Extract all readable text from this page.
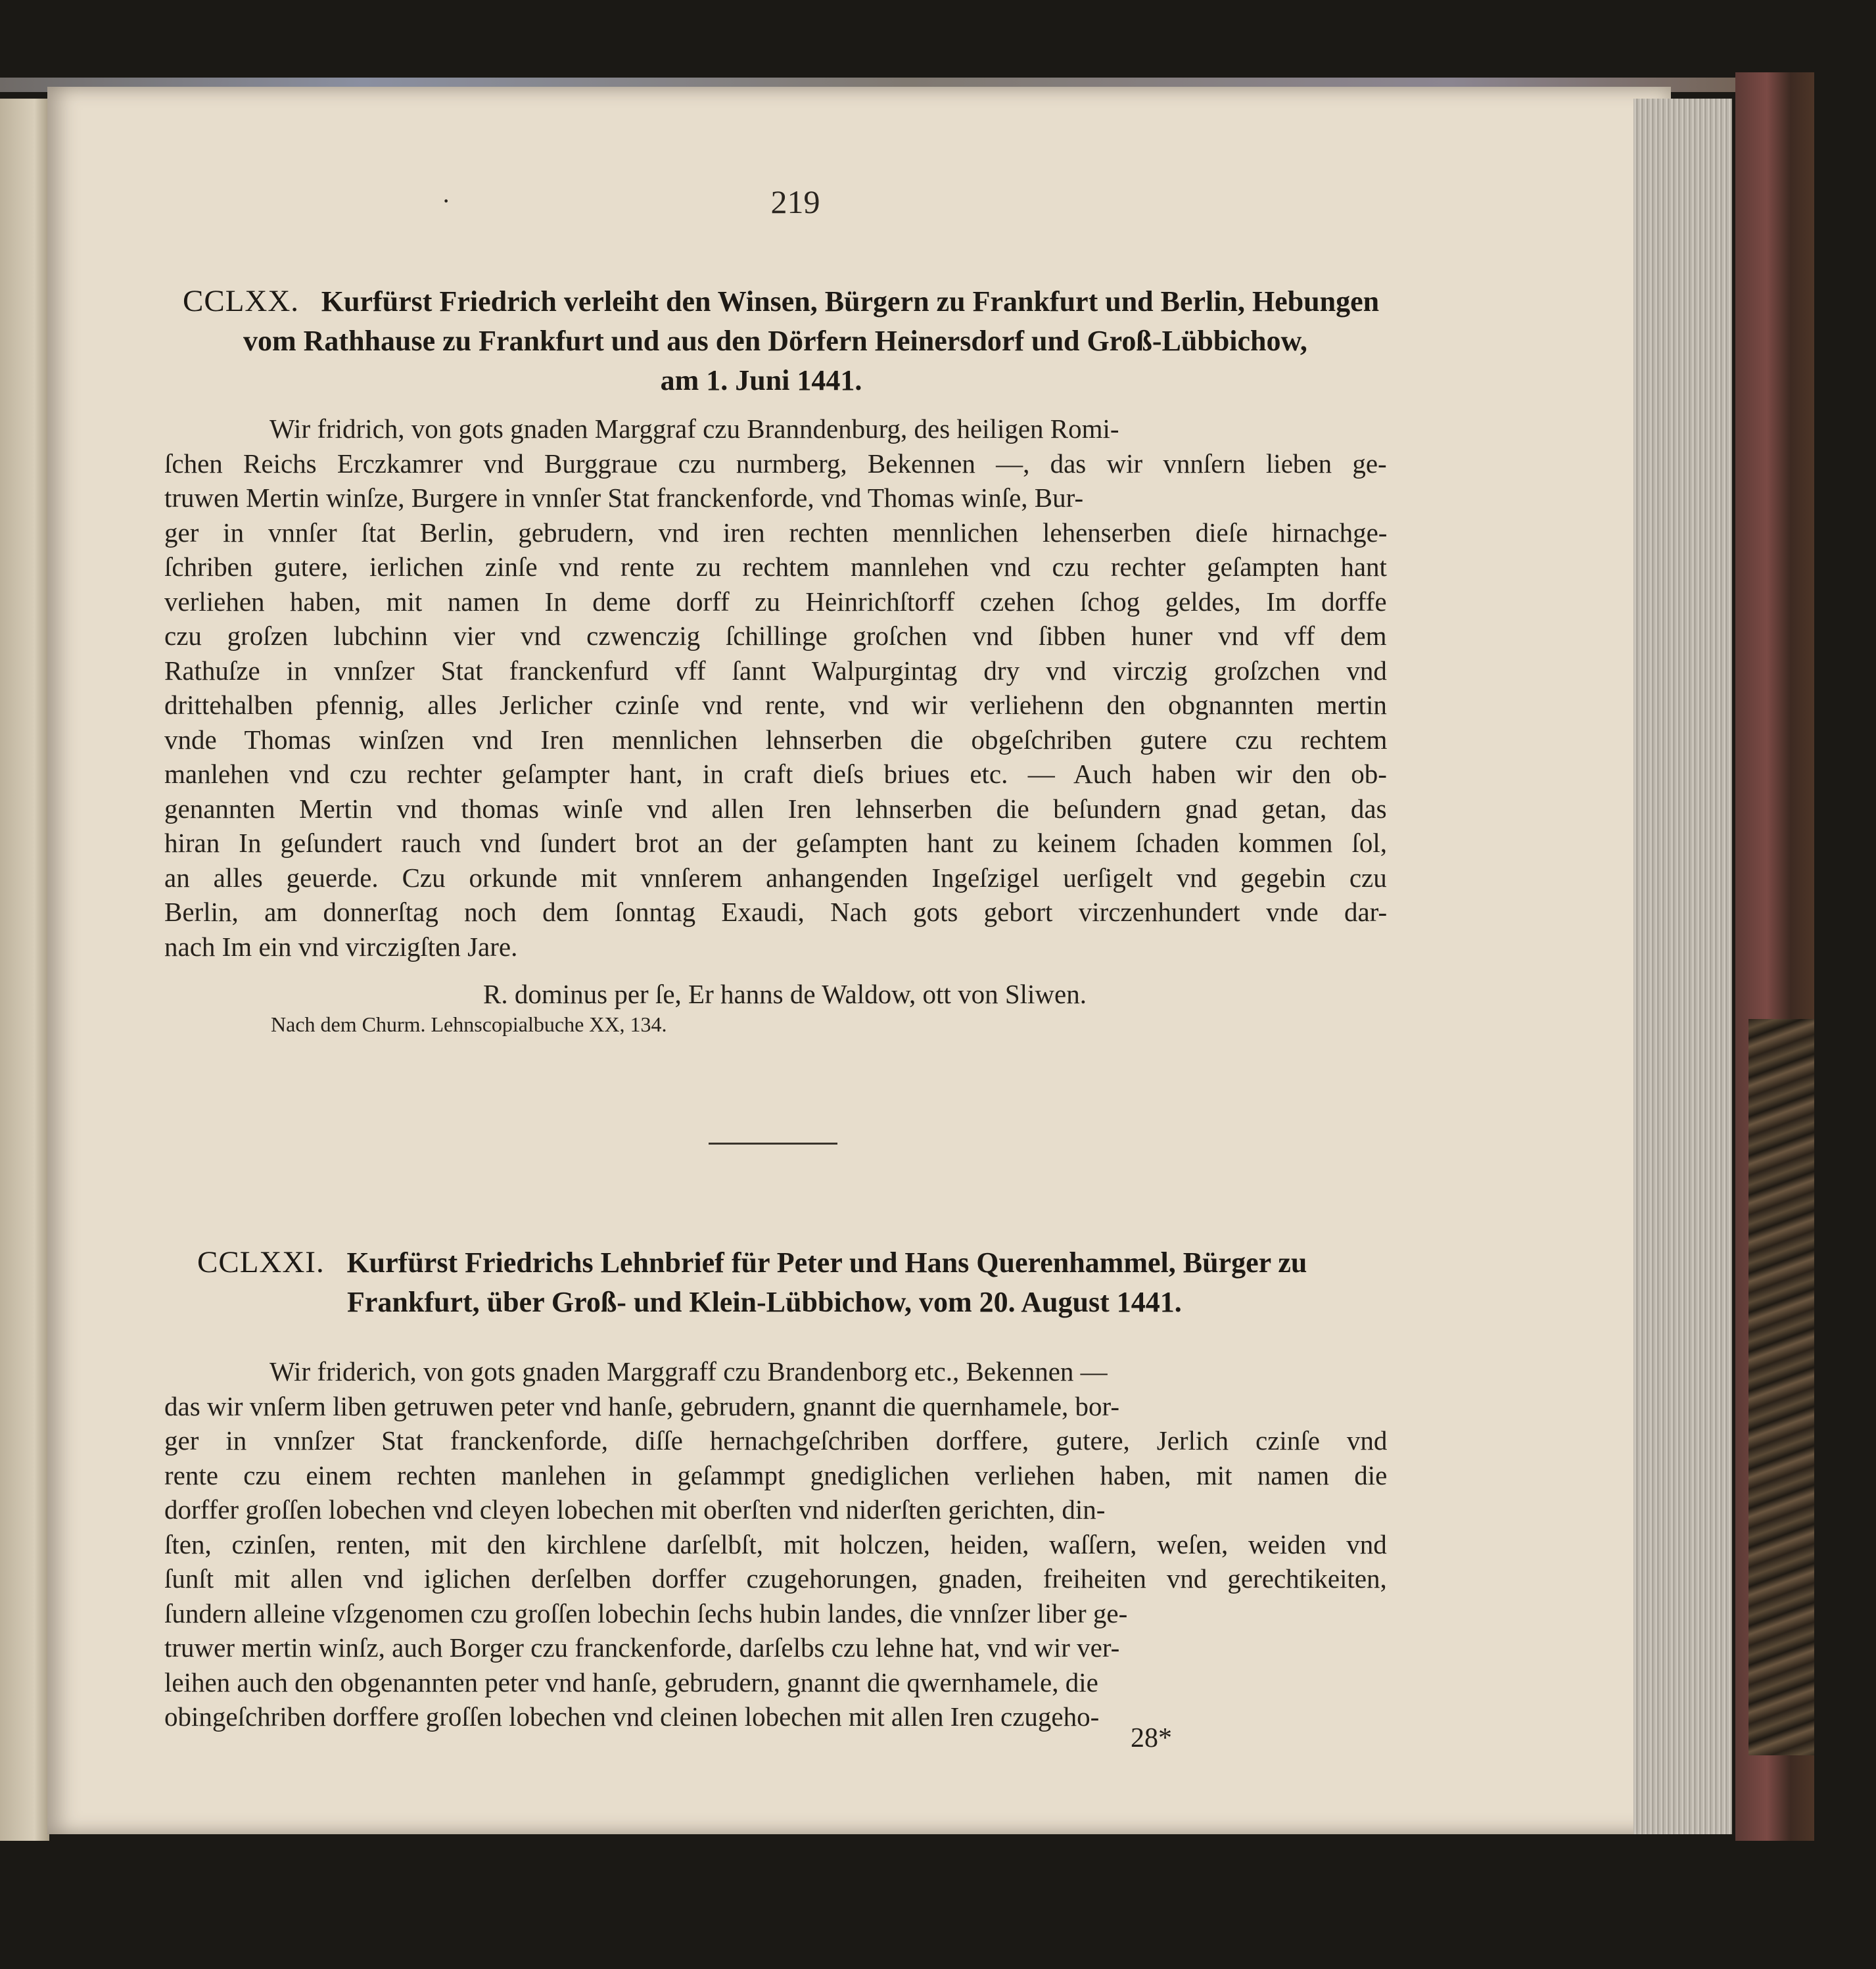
·	219
CCLXX. Kurfürst Friedrich verleiht den Winsen, Bürgern zu Frankfurt und Berlin, Hebungen
vom Rathhause zu Frankfurt und aus den Dörfern Heinersdorf und Groß-Lübbichow,
am 1. Juni 1441.
Wir fridrich, von gots gnaden Marggraf czu Branndenburg, des heiligen Romi-
ſchen Reichs Erczkamrer vnd Burggraue czu nurmberg, Bekennen —, das wir vnnſern lieben ge-
truwen Mertin winſze, Burgere in vnnſer Stat franckenforde, vnd Thomas winſe, Bur-
ger in vnnſer ſtat Berlin, gebrudern, vnd iren rechten mennlichen lehenserben dieſe hirnachge-
ſchriben gutere, ierlichen zinſe vnd rente zu rechtem mannlehen vnd czu rechter geſampten hant
verliehen haben, mit namen In deme dorff zu Heinrichſtorff czehen ſchog geldes, Im dorffe
czu groſzen lubchinn vier vnd czwenczig ſchillinge groſchen vnd ſibben huner vnd vff dem
Rathuſze in vnnſzer Stat franckenfurd vff ſannt Walpurgintag dry vnd virczig groſzchen vnd
drittehalben pfennig, alles Jerlicher czinſe vnd rente, vnd wir verliehenn den obgnannten mertin
vnde Thomas winſzen vnd Iren mennlichen lehnserben die obgeſchriben gutere czu rechtem
manlehen vnd czu rechter geſampter hant, in craft dieſs briues etc. — Auch haben wir den ob-
genannten Mertin vnd thomas winſe vnd allen Iren lehnserben die beſundern gnad getan, das
hiran In geſundert rauch vnd ſundert brot an der geſampten hant zu keinem ſchaden kommen ſol,
an alles geuerde. Czu orkunde mit vnnſerem anhangenden Ingeſzigel uerſigelt vnd gegebin czu
Berlin, am donnerſtag noch dem ſonntag Exaudi, Nach gots gebort virczenhundert vnde dar-
nach Im ein vnd virczigſten Jare.
R. dominus per ſe, Er hanns de Waldow, ott von Sliwen.
Nach dem Churm. Lehnscopialbuche XX, 134.
CCLXXI. Kurfürst Friedrichs Lehnbrief für Peter und Hans Querenhammel, Bürger zu
Frankfurt, über Groß- und Klein-Lübbichow, vom 20. August 1441.
Wir friderich, von gots gnaden Marggraff czu Brandenborg etc., Bekennen —
das wir vnſerm liben getruwen peter vnd hanſe, gebrudern, gnannt die quernhamele, bor-
ger in vnnſzer Stat franckenforde, diſſe hernachgeſchriben dorffere, gutere, Jerlich czinſe vnd
rente czu einem rechten manlehen in geſammpt gnediglichen verliehen haben, mit namen die
dorffer groſſen lobechen vnd cleyen lobechen mit oberſten vnd niderſten gerichten, din-
ſten, czinſen, renten, mit den kirchlene darſelbſt, mit holczen, heiden, waſſern, weſen, weiden vnd
ſunſt mit allen vnd iglichen derſelben dorffer czugehorungen, gnaden, freiheiten vnd gerechtikeiten,
ſundern alleine vſzgenomen czu groſſen lobechin ſechs hubin landes, die vnnſzer liber ge-
truwer mertin winſz, auch Borger czu franckenforde, darſelbs czu lehne hat, vnd wir ver-
leihen auch den obgenannten peter vnd hanſe, gebrudern, gnannt die qwernhamele, die
obingeſchriben dorffere groſſen lobechen vnd cleinen lobechen mit allen Iren czugeho-
28*
